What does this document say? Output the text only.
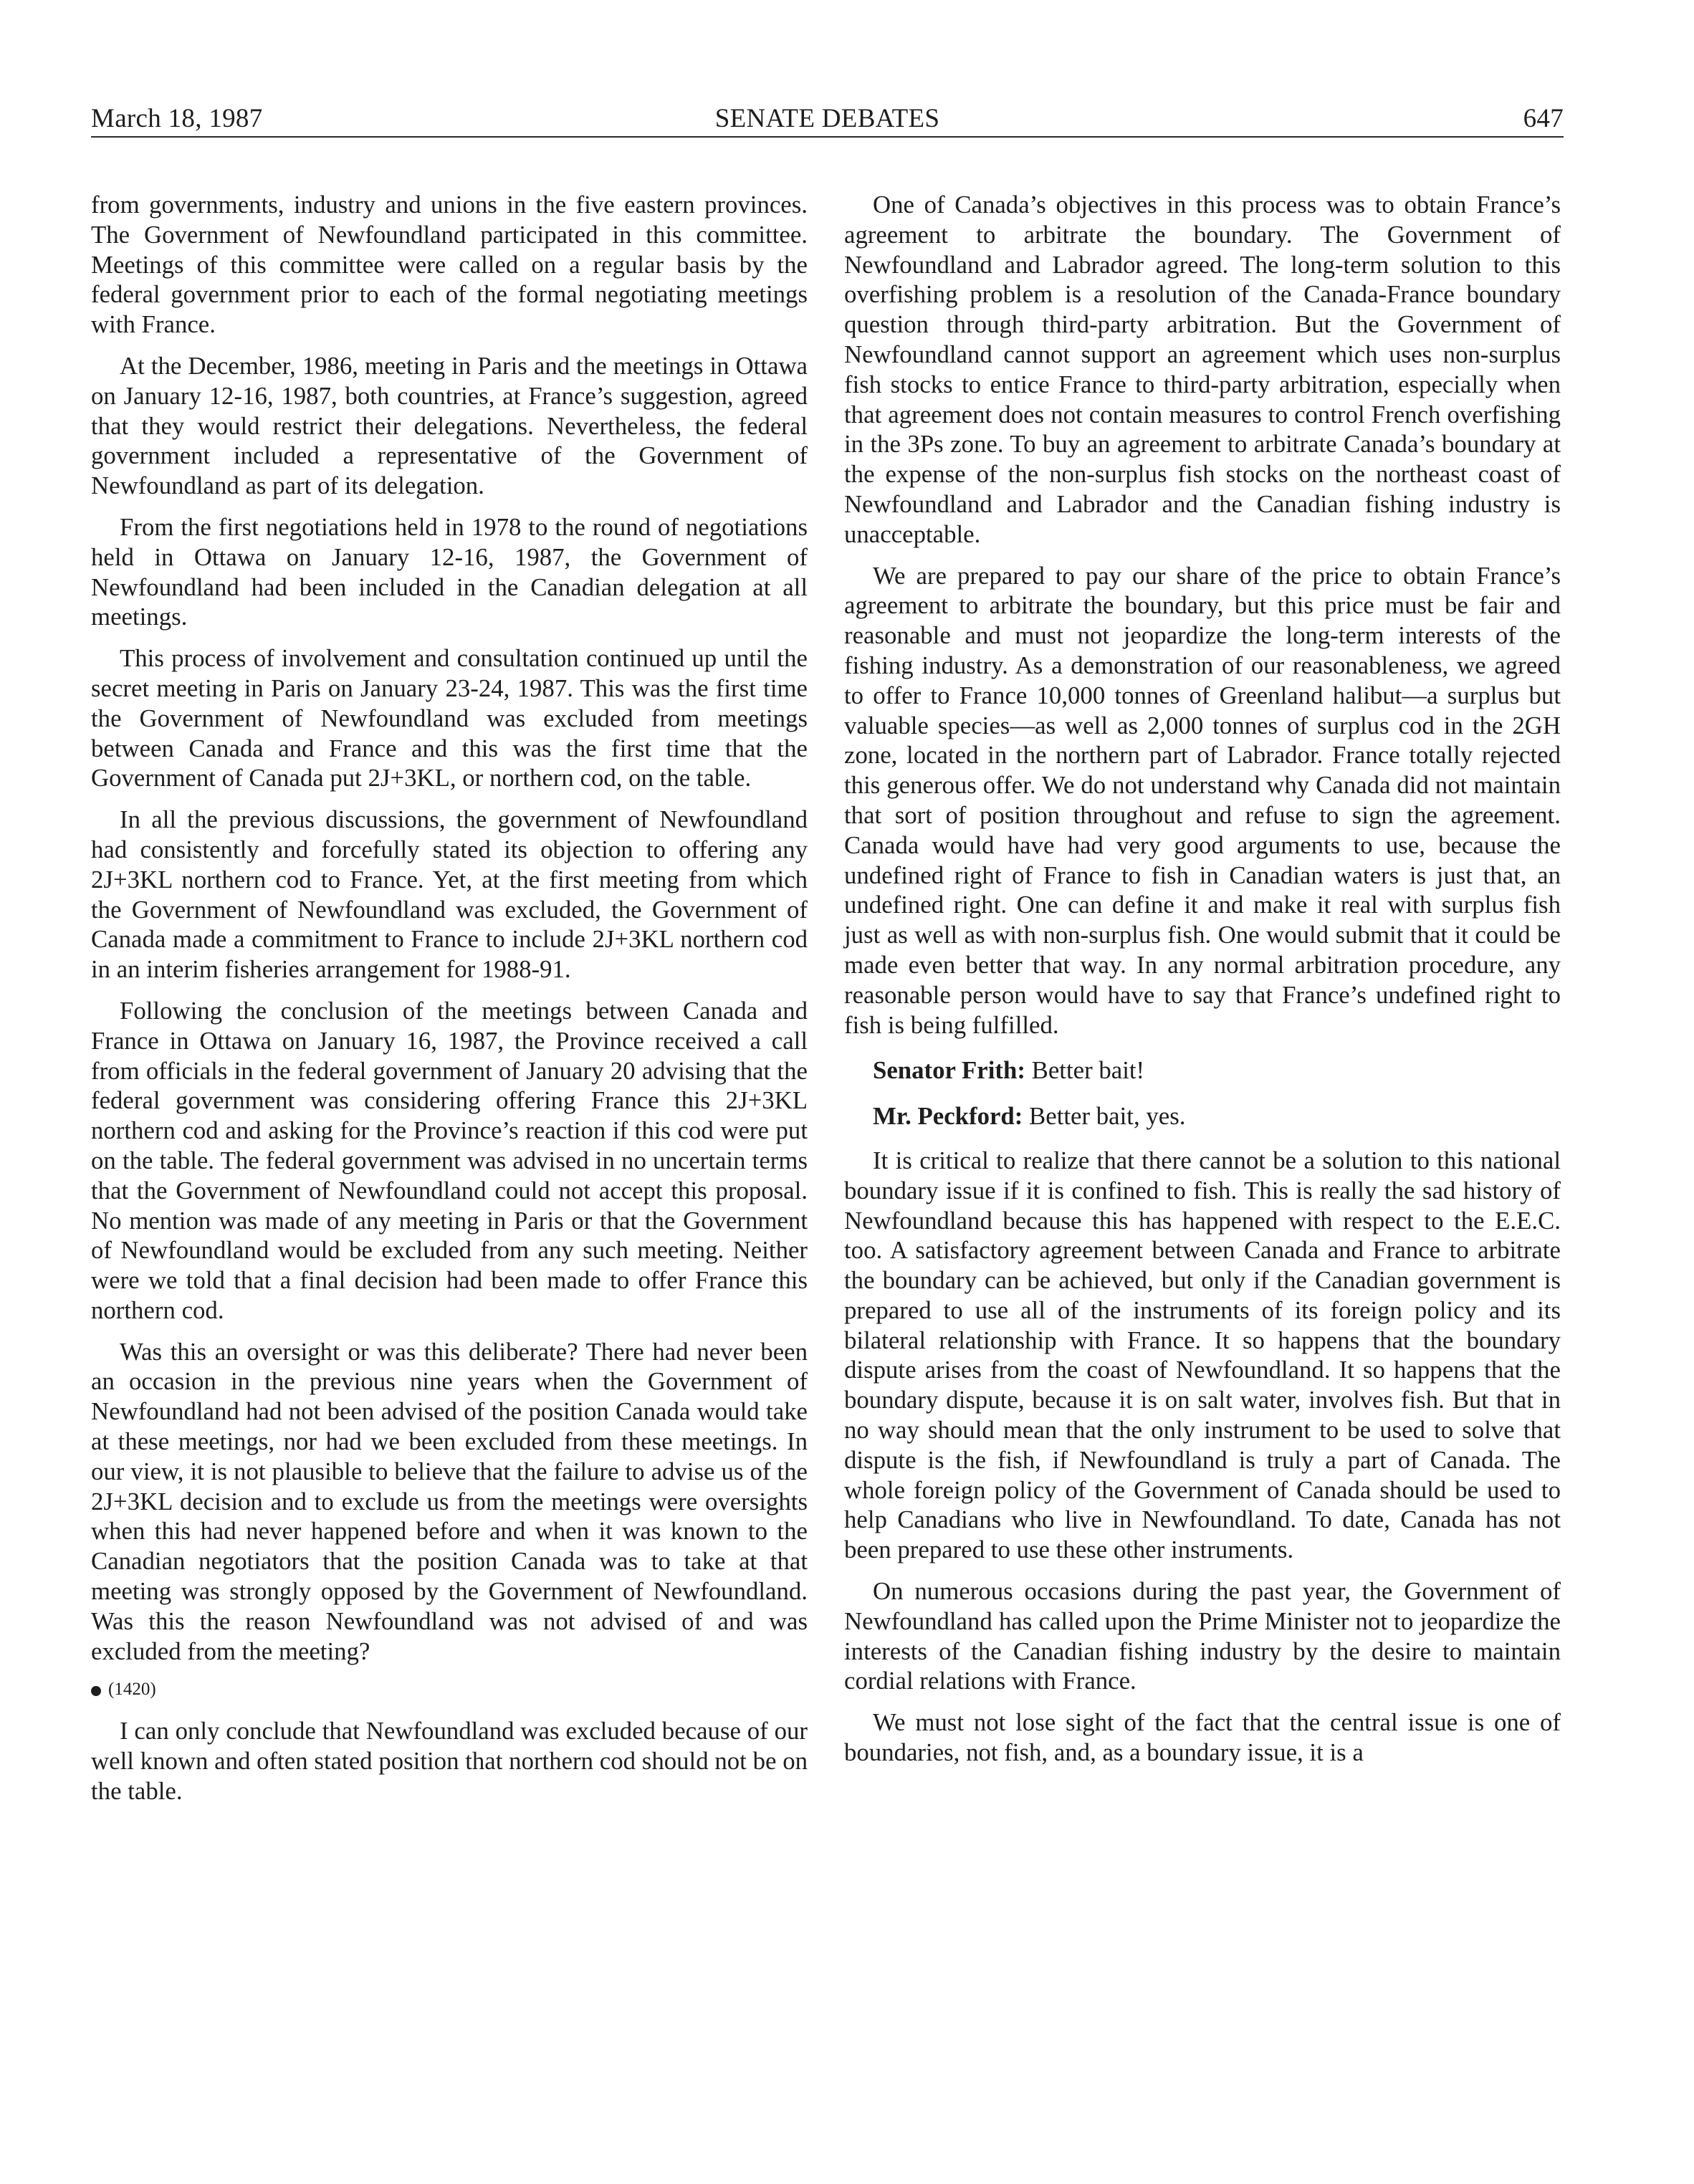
March 18, 1987	SENATE DEBATES	647

from governments, industry and unions in the five eastern provinces. The Government of Newfoundland participated in this committee. Meetings of this committee were called on a regular basis by the federal government prior to each of the formal negotiating meetings with France.

At the December, 1986, meeting in Paris and the meetings in Ottawa on January 12-16, 1987, both countries, at France’s suggestion, agreed that they would restrict their delegations. Nevertheless, the federal government included a representative of the Government of Newfoundland as part of its delegation.

From the first negotiations held in 1978 to the round of negotiations held in Ottawa on January 12-16, 1987, the Government of Newfoundland had been included in the Canadian delegation at all meetings.

This process of involvement and consultation continued up until the secret meeting in Paris on January 23-24, 1987. This was the first time the Government of Newfoundland was excluded from meetings between Canada and France and this was the first time that the Government of Canada put 2J+3KL, or northern cod, on the table.

In all the previous discussions, the government of Newfoundland had consistently and forcefully stated its objection to offering any 2J+3KL northern cod to France. Yet, at the first meeting from which the Government of Newfoundland was excluded, the Government of Canada made a commitment to France to include 2J+3KL northern cod in an interim fisheries arrangement for 1988-91.

Following the conclusion of the meetings between Canada and France in Ottawa on January 16, 1987, the Province received a call from officials in the federal government of January 20 advising that the federal government was considering offering France this 2J+3KL northern cod and asking for the Province’s reaction if this cod were put on the table. The federal government was advised in no uncertain terms that the Government of Newfoundland could not accept this proposal. No mention was made of any meeting in Paris or that the Government of Newfoundland would be excluded from any such meeting. Neither were we told that a final decision had been made to offer France this northern cod.

Was this an oversight or was this deliberate? There had never been an occasion in the previous nine years when the Government of Newfoundland had not been advised of the position Canada would take at these meetings, nor had we been excluded from these meetings. In our view, it is not plausible to believe that the failure to advise us of the 2J+3KL decision and to exclude us from the meetings were oversights when this had never happened before and when it was known to the Canadian negotiators that the position Canada was to take at that meeting was strongly opposed by the Government of Newfoundland. Was this the reason Newfoundland was not advised of and was excluded from the meeting?

(1420)

I can only conclude that Newfoundland was excluded because of our well known and often stated position that northern cod should not be on the table.

One of Canada’s objectives in this process was to obtain France’s agreement to arbitrate the boundary. The Government of Newfoundland and Labrador agreed. The long-term solution to this overfishing problem is a resolution of the Canada-France boundary question through third-party arbitration. But the Government of Newfoundland cannot support an agreement which uses non-surplus fish stocks to entice France to third-party arbitration, especially when that agreement does not contain measures to control French overfishing in the 3Ps zone. To buy an agreement to arbitrate Canada’s boundary at the expense of the non-surplus fish stocks on the northeast coast of Newfoundland and Labrador and the Canadian fishing industry is unacceptable.

We are prepared to pay our share of the price to obtain France’s agreement to arbitrate the boundary, but this price must be fair and reasonable and must not jeopardize the long-term interests of the fishing industry. As a demonstration of our reasonableness, we agreed to offer to France 10,000 tonnes of Greenland halibut—a surplus but valuable species—as well as 2,000 tonnes of surplus cod in the 2GH zone, located in the northern part of Labrador. France totally rejected this generous offer. We do not understand why Canada did not maintain that sort of position throughout and refuse to sign the agreement. Canada would have had very good arguments to use, because the undefined right of France to fish in Canadian waters is just that, an undefined right. One can define it and make it real with surplus fish just as well as with non-surplus fish. One would submit that it could be made even better that way. In any normal arbitration procedure, any reasonable person would have to say that France’s undefined right to fish is being fulfilled.

Senator Frith: Better bait!

Mr. Peckford: Better bait, yes.

It is critical to realize that there cannot be a solution to this national boundary issue if it is confined to fish. This is really the sad history of Newfoundland because this has happened with respect to the E.E.C. too. A satisfactory agreement between Canada and France to arbitrate the boundary can be achieved, but only if the Canadian government is prepared to use all of the instruments of its foreign policy and its bilateral relationship with France. It so happens that the boundary dispute arises from the coast of Newfoundland. It so happens that the boundary dispute, because it is on salt water, involves fish. But that in no way should mean that the only instrument to be used to solve that dispute is the fish, if Newfoundland is truly a part of Canada. The whole foreign policy of the Government of Canada should be used to help Canadians who live in Newfoundland. To date, Canada has not been prepared to use these other instruments.

On numerous occasions during the past year, the Government of Newfoundland has called upon the Prime Minister not to jeopardize the interests of the Canadian fishing industry by the desire to maintain cordial relations with France.

We must not lose sight of the fact that the central issue is one of boundaries, not fish, and, as a boundary issue, it is a
